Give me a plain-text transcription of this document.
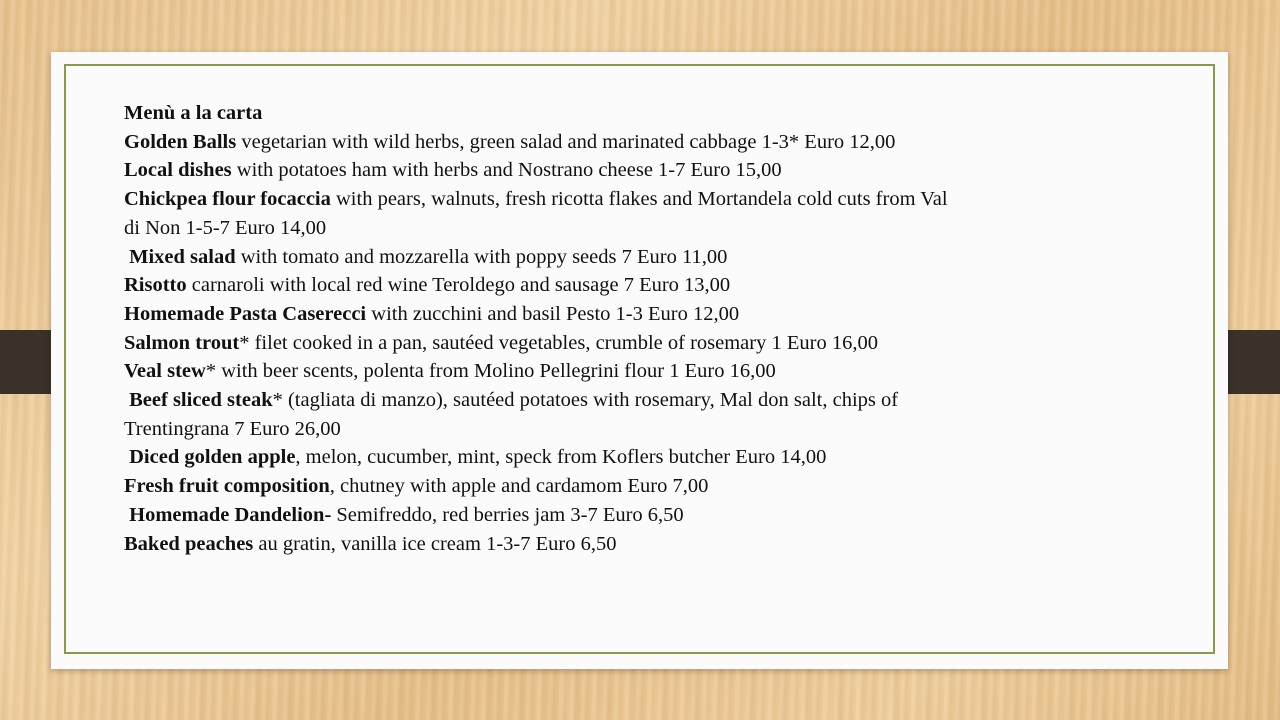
Menù a la carta
Golden Balls vegetarian with wild herbs, green salad and marinated cabbage 1-3* Euro 12,00
Local dishes with potatoes ham with herbs and Nostrano cheese 1-7 Euro 15,00
Chickpea flour focaccia with pears, walnuts, fresh ricotta flakes and Mortandela cold cuts from Val di Non 1-5-7 Euro 14,00
Mixed salad with tomato and mozzarella with poppy seeds 7 Euro 11,00
Risotto carnaroli with local red wine Teroldego and sausage 7 Euro 13,00
Homemade Pasta Caserecci with zucchini and basil Pesto 1-3 Euro 12,00
Salmon trout* filet cooked in a pan, sautéed vegetables, crumble of rosemary 1 Euro 16,00
Veal stew* with beer scents, polenta from Molino Pellegrini flour 1 Euro 16,00
Beef sliced steak* (tagliata di manzo), sautéed potatoes with rosemary, Mal don salt, chips of Trentingrana 7 Euro 26,00
Diced golden apple, melon, cucumber, mint, speck from Koflers butcher Euro 14,00
Fresh fruit composition, chutney with apple and cardamom Euro 7,00
Homemade Dandelion- Semifreddo, red berries jam 3-7 Euro 6,50
Baked peaches au gratin, vanilla ice cream 1-3-7 Euro 6,50
